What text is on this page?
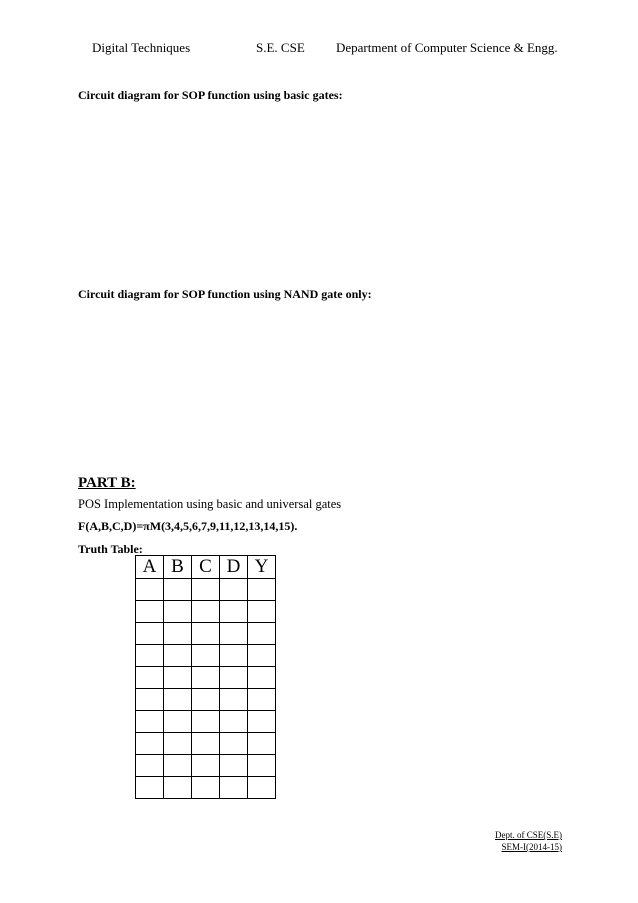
Digital Techniques	S.E. CSE Department of Computer Science & Engg.
Circuit diagram for SOP function using basic gates:
Circuit diagram for SOP function using NAND gate only:
PART B:
POS Implementation using basic and universal gates
F(A,B,C,D)=πM(3,4,5,6,7,9,11,12,13,14,15).
Truth Table:
A	B	C	D	Y

Dept. of CSE(S.E)
SEM-I(2014-15)
